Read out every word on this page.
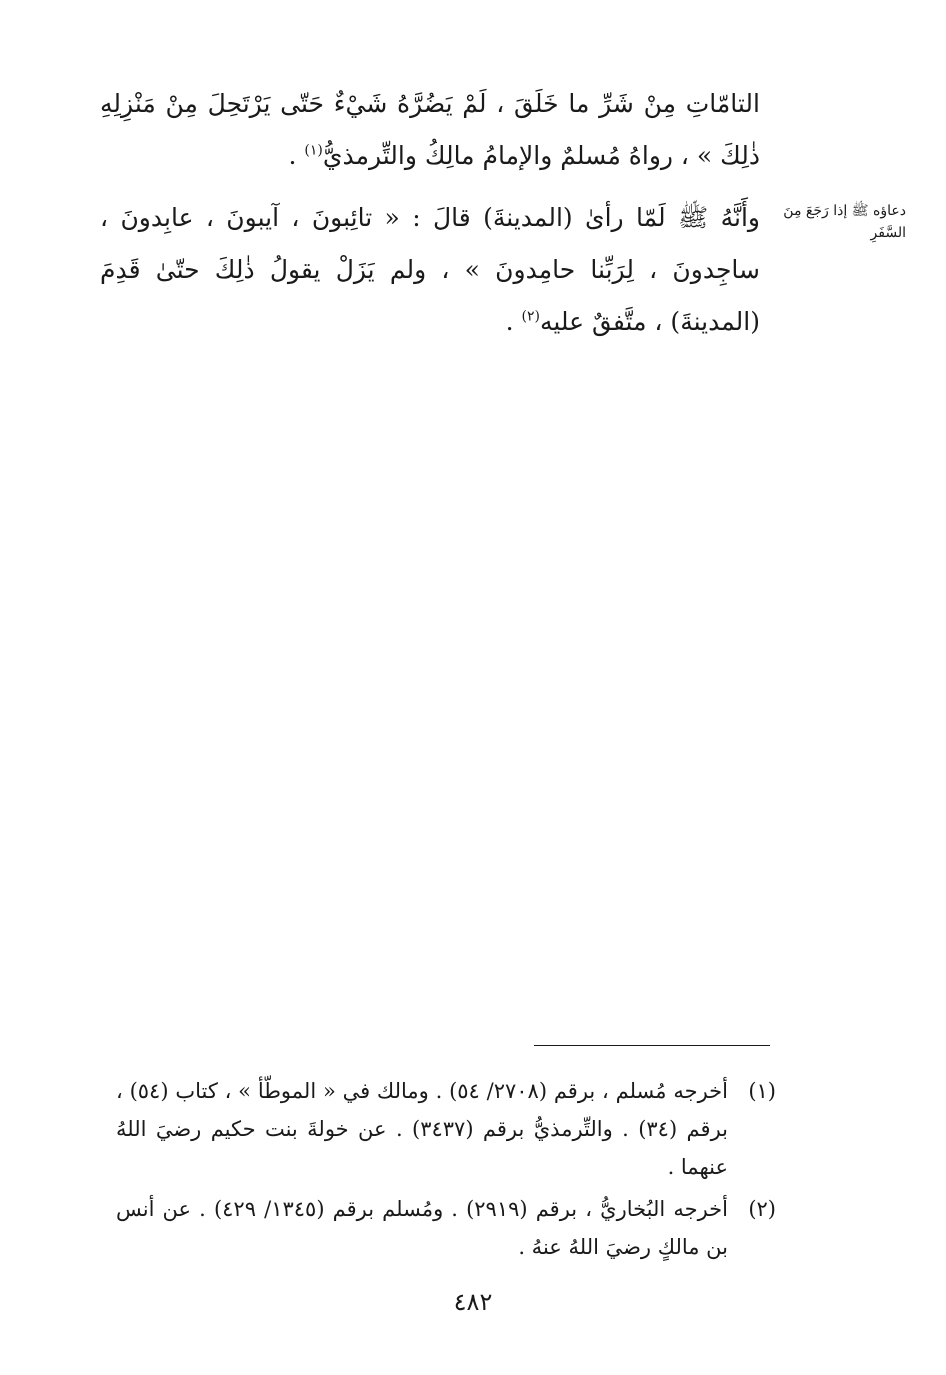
التامّاتِ مِنْ شَرِّ ما خَلَقَ ، لَمْ يَضُرَّهُ شَيْءٌ حَتّى يَرْتَحِلَ مِنْ مَنْزِلِهِ ذٰلِكَ » ، رواهُ مُسلمٌ والإمامُ مالِكُ والتِّرمذيُّ$^{(١)}$ .

دعاؤه ﷺ إذا رَجَعَ مِنَ السَّفَرِ

وأَنَّهُ ﷺ لَمّا رأىٰ (المدينةَ) قالَ : « تائِبونَ ، آيبونَ ، عابِدونَ ، ساجِدونَ ، لِرَبِّنا حامِدونَ » ، ولم يَزَلْ يقولُ ذٰلِكَ حتّىٰ قَدِمَ (المدينةَ) ، متَّفقٌ عليه$^{(٢)}$ .

(١)
أخرجه مُسلم ، برقم (٢٧٠٨/ ٥٤) . ومالك في « الموطّأ » ، كتاب (٥٤) ، برقم (٣٤) . والتِّرمذيُّ برقم (٣٤٣٧) . عن خولةَ بنت حكيم رضيَ اللهُ عنهما .
(٢)
أخرجه البُخاريُّ ، برقم (٢٩١٩) . ومُسلم برقم (١٣٤٥/ ٤٢٩) . عن أنس بن مالكٍ رضيَ اللهُ عنهُ .
٤٨٢
